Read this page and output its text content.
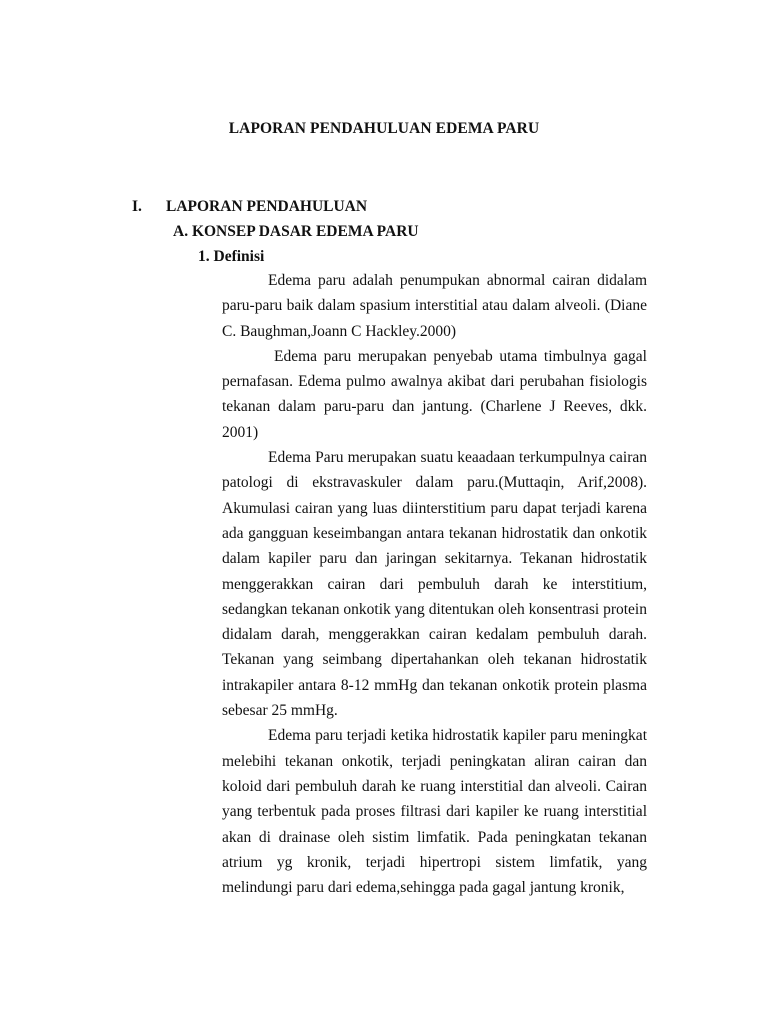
LAPORAN PENDAHULUAN EDEMA PARU
I. LAPORAN PENDAHULUAN
A. KONSEP DASAR EDEMA PARU
1. Definisi

Edema paru adalah penumpukan abnormal cairan didalam paru-paru baik dalam spasium interstitial atau dalam alveoli. (Diane C. Baughman,Joann C Hackley.2000)

Edema paru merupakan penyebab utama timbulnya gagal pernafasan. Edema pulmo awalnya akibat dari perubahan fisiologis tekanan dalam paru-paru dan jantung. (Charlene J Reeves, dkk. 2001)

Edema Paru merupakan suatu keaadaan terkumpulnya cairan patologi di ekstravaskuler dalam paru.(Muttaqin, Arif,2008). Akumulasi cairan yang luas diinterstitium paru dapat terjadi karena ada gangguan keseimbangan antara tekanan hidrostatik dan onkotik dalam kapiler paru dan jaringan sekitarnya. Tekanan hidrostatik menggerakkan cairan dari pembuluh darah ke interstitium, sedangkan tekanan onkotik yang ditentukan oleh konsentrasi protein didalam darah, menggerakkan cairan kedalam pembuluh darah. Tekanan yang seimbang dipertahankan oleh tekanan hidrostatik intrakapiler antara 8-12 mmHg dan tekanan onkotik protein plasma sebesar 25 mmHg.

Edema paru terjadi ketika hidrostatik kapiler paru meningkat melebihi tekanan onkotik, terjadi peningkatan aliran cairan dan koloid dari pembuluh darah ke ruang interstitial dan alveoli. Cairan yang terbentuk pada proses filtrasi dari kapiler ke ruang interstitial akan di drainase oleh sistim limfatik. Pada peningkatan tekanan atrium yg kronik, terjadi hipertropi sistem limfatik, yang melindungi paru dari edema,sehingga pada gagal jantung kronik,
